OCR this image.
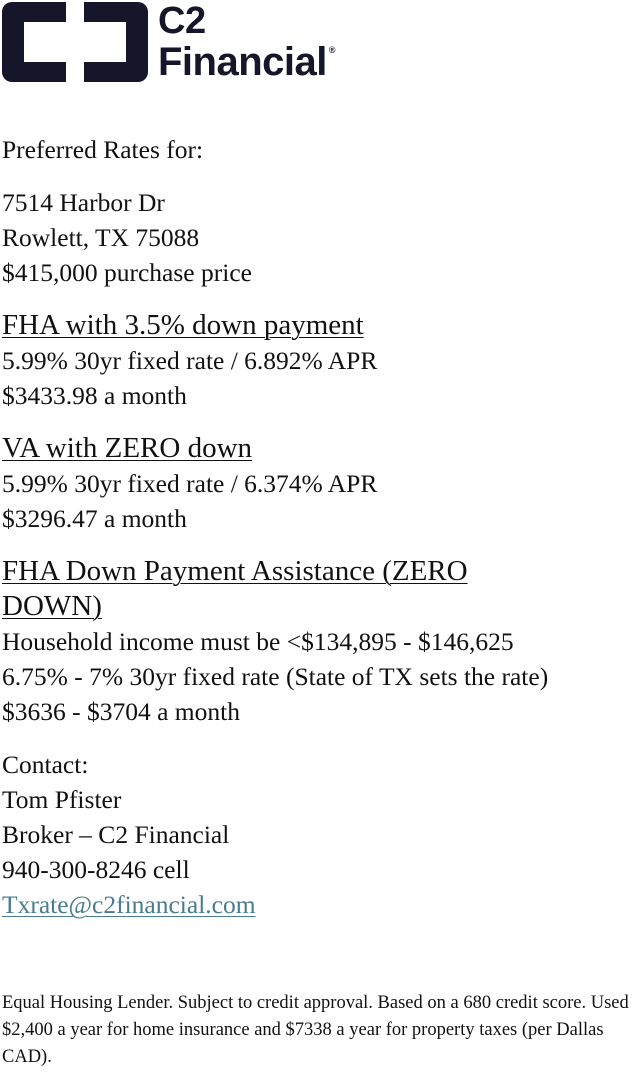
C2
Financial ®
Preferred Rates for:
7514 Harbor Dr
Rowlett, TX 75088
$415,000 purchase price
FHA with 3.5% down payment
5.99% 30yr fixed rate / 6.892% APR
$3433.98 a month
VA with ZERO down
5.99% 30yr fixed rate / 6.374% APR
$3296.47 a month
FHA Down Payment Assistance (ZERO DOWN)
Household income must be <$134,895 - $146,625
6.75% - 7% 30yr fixed rate (State of TX sets the rate)
$3636 - $3704 a month
Contact:
Tom Pfister
Broker – C2 Financial
940-300-8246 cell
Txrate@c2financial.com
Equal Housing Lender. Subject to credit approval. Based on a 680 credit score. Used $2,400 a year for home insurance and $7338 a year for property taxes (per Dallas CAD).
